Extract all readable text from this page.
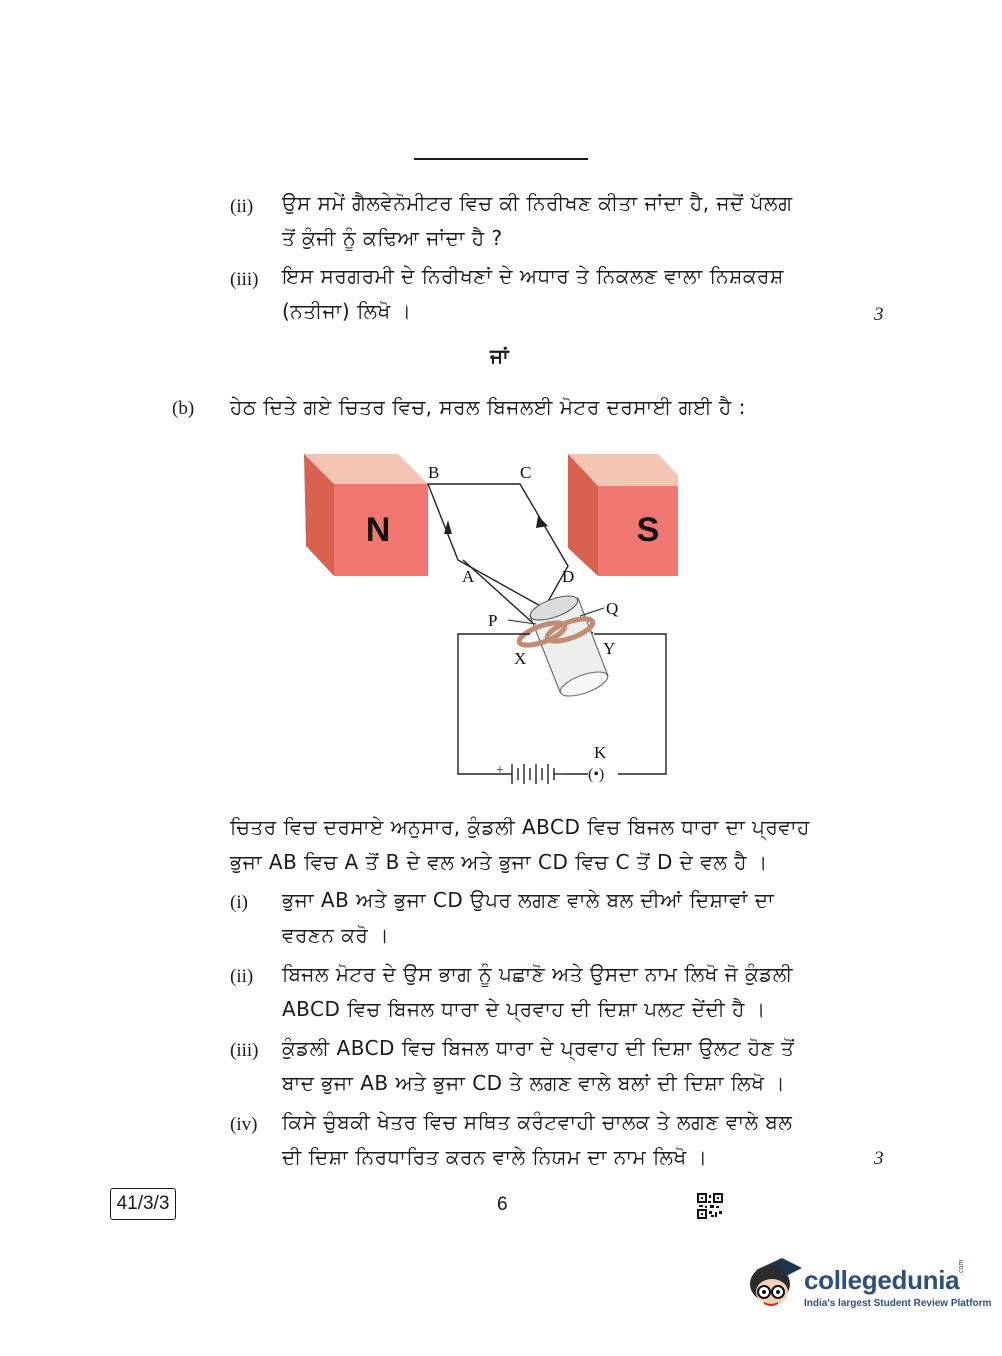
(ii) ਉਸ ਸਮੇਂ ਗੈਲਵੇਨੋਮੀਟਰ ਵਿਚ ਕੀ ਨਿਰੀਖਣ ਕੀਤਾ ਜਾਂਦਾ ਹੈ, ਜਦੋਂ ਪੱਲਗ
ਤੋਂ ਕੁੰਜੀ ਨੂੰ ਕਢਿਆ ਜਾਂਦਾ ਹੈ ?
(iii) ਇਸ ਸਰਗਰਮੀ ਦੇ ਨਿਰੀਖਣਾਂ ਦੇ ਅਧਾਰ ਤੇ ਨਿਕਲਣ ਵਾਲਾ ਨਿਸ਼ਕਰਸ਼
(ਨਤੀਜਾ) ਲਿਖੋ ।	3
ਜਾਂ
(b) ਹੇਠ ਦਿਤੇ ਗਏ ਚਿਤਰ ਵਿਚ, ਸਰਲ ਬਿਜਲਈ ਮੋਟਰ ਦਰਸਾਈ ਗਈ ਹੈ :
N	S
+	(•)
B	C
A	D
P
Q
X
Y
K
ਚਿਤਰ ਵਿਚ ਦਰਸਾਏ ਅਨੁਸਾਰ, ਕੁੰਡਲੀ ABCD ਵਿਚ ਬਿਜਲ ਧਾਰਾ ਦਾ ਪ੍ਰਵਾਹ
ਭੁਜਾ AB ਵਿਚ A ਤੋਂ B ਦੇ ਵਲ ਅਤੇ ਭੁਜਾ CD ਵਿਚ C ਤੋਂ D ਦੇ ਵਲ ਹੈ ।
(i) ਭੁਜਾ AB ਅਤੇ ਭੁਜਾ CD ਉਪਰ ਲਗਣ ਵਾਲੇ ਬਲ ਦੀਆਂ ਦਿਸ਼ਾਵਾਂ ਦਾ
ਵਰਣਨ ਕਰੋ ।
(ii) ਬਿਜਲ ਮੋਟਰ ਦੇ ਉਸ ਭਾਗ ਨੂੰ ਪਛਾਣੋ ਅਤੇ ਉਸਦਾ ਨਾਮ ਲਿਖੋ ਜੋ ਕੁੰਡਲੀ
ABCD ਵਿਚ ਬਿਜਲ ਧਾਰਾ ਦੇ ਪ੍ਰਵਾਹ ਦੀ ਦਿਸ਼ਾ ਪਲਟ ਦੇਂਦੀ ਹੈ ।
(iii) ਕੁੰਡਲੀ ABCD ਵਿਚ ਬਿਜਲ ਧਾਰਾ ਦੇ ਪ੍ਰਵਾਹ ਦੀ ਦਿਸ਼ਾ ਉਲਟ ਹੋਣ ਤੋਂ
ਬਾਦ ਭੁਜਾ AB ਅਤੇ ਭੁਜਾ CD ਤੇ ਲਗਣ ਵਾਲੇ ਬਲਾਂ ਦੀ ਦਿਸ਼ਾ ਲਿਖੋ ।
(iv) ਕਿਸੇ ਚੁੰਬਕੀ ਖੇਤਰ ਵਿਚ ਸਥਿਤ ਕਰੰਟਵਾਹੀ ਚਾਲਕ ਤੇ ਲਗਣ ਵਾਲੇ ਬਲ
ਦੀ ਦਿਸ਼ਾ ਨਿਰਧਾਰਿਤ ਕਰਨ ਵਾਲੇ ਨਿਯਮ ਦਾ ਨਾਮ ਲਿਖੋ ।	3
41/3/3	6
collegedunia
.com
India's largest Student Review Platform
